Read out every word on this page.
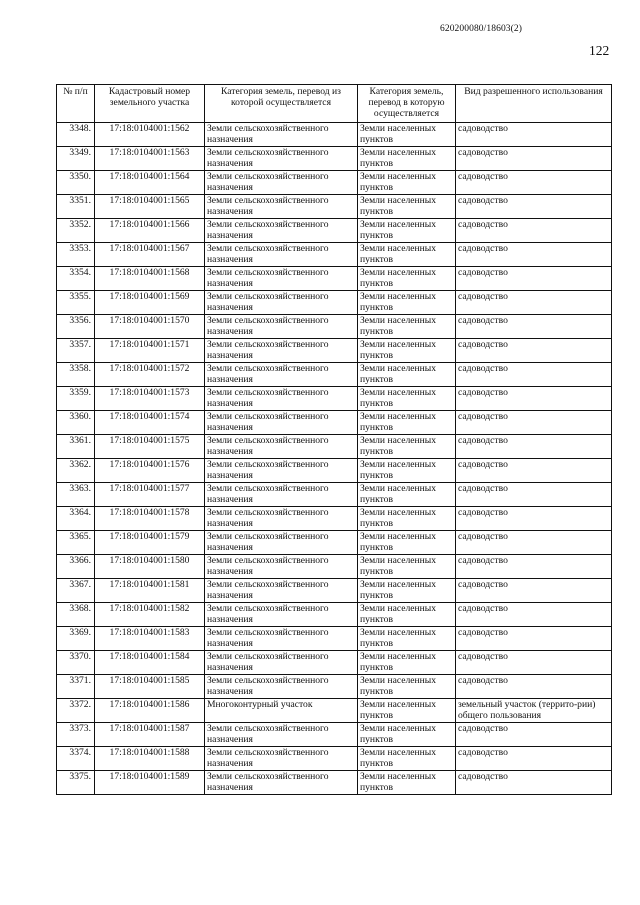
620200080/18603(2)
122
№ п/п	Кадастровый номер земельного участка	Категория земель, перевод из которой осуществляется	Категория земель, перевод в которую осуществляется	Вид разрешенного использования
3348.	17:18:0104001:1562	Земли сельскохозяйственного назначения	Земли населенных пунктов	садоводство
3349.	17:18:0104001:1563	Земли сельскохозяйственного назначения	Земли населенных пунктов	садоводство
3350.	17:18:0104001:1564	Земли сельскохозяйственного назначения	Земли населенных пунктов	садоводство
3351.	17:18:0104001:1565	Земли сельскохозяйственного назначения	Земли населенных пунктов	садоводство
3352.	17:18:0104001:1566	Земли сельскохозяйственного назначения	Земли населенных пунктов	садоводство
3353.	17:18:0104001:1567	Земли сельскохозяйственного назначения	Земли населенных пунктов	садоводство
3354.	17:18:0104001:1568	Земли сельскохозяйственного назначения	Земли населенных пунктов	садоводство
3355.	17:18:0104001:1569	Земли сельскохозяйственного назначения	Земли населенных пунктов	садоводство
3356.	17:18:0104001:1570	Земли сельскохозяйственного назначения	Земли населенных пунктов	садоводство
3357.	17:18:0104001:1571	Земли сельскохозяйственного назначения	Земли населенных пунктов	садоводство
3358.	17:18:0104001:1572	Земли сельскохозяйственного назначения	Земли населенных пунктов	садоводство
3359.	17:18:0104001:1573	Земли сельскохозяйственного назначения	Земли населенных пунктов	садоводство
3360.	17:18:0104001:1574	Земли сельскохозяйственного назначения	Земли населенных пунктов	садоводство
3361.	17:18:0104001:1575	Земли сельскохозяйственного назначения	Земли населенных пунктов	садоводство
3362.	17:18:0104001:1576	Земли сельскохозяйственного назначения	Земли населенных пунктов	садоводство
3363.	17:18:0104001:1577	Земли сельскохозяйственного назначения	Земли населенных пунктов	садоводство
3364.	17:18:0104001:1578	Земли сельскохозяйственного назначения	Земли населенных пунктов	садоводство
3365.	17:18:0104001:1579	Земли сельскохозяйственного назначения	Земли населенных пунктов	садоводство
3366.	17:18:0104001:1580	Земли сельскохозяйственного назначения	Земли населенных пунктов	садоводство
3367.	17:18:0104001:1581	Земли сельскохозяйственного назначения	Земли населенных пунктов	садоводство
3368.	17:18:0104001:1582	Земли сельскохозяйственного назначения	Земли населенных пунктов	садоводство
3369.	17:18:0104001:1583	Земли сельскохозяйственного назначения	Земли населенных пунктов	садоводство
3370.	17:18:0104001:1584	Земли сельскохозяйственного назначения	Земли населенных пунктов	садоводство
3371.	17:18:0104001:1585	Земли сельскохозяйственного назначения	Земли населенных пунктов	садоводство
3372.	17:18:0104001:1586	Многоконтурный участок	Земли населенных пунктов	земельный участок (террито-рии) общего пользования
3373.	17:18:0104001:1587	Земли сельскохозяйственного назначения	Земли населенных пунктов	садоводство
3374.	17:18:0104001:1588	Земли сельскохозяйственного назначения	Земли населенных пунктов	садоводство
3375.	17:18:0104001:1589	Земли сельскохозяйственного назначения	Земли населенных пунктов	садоводство
